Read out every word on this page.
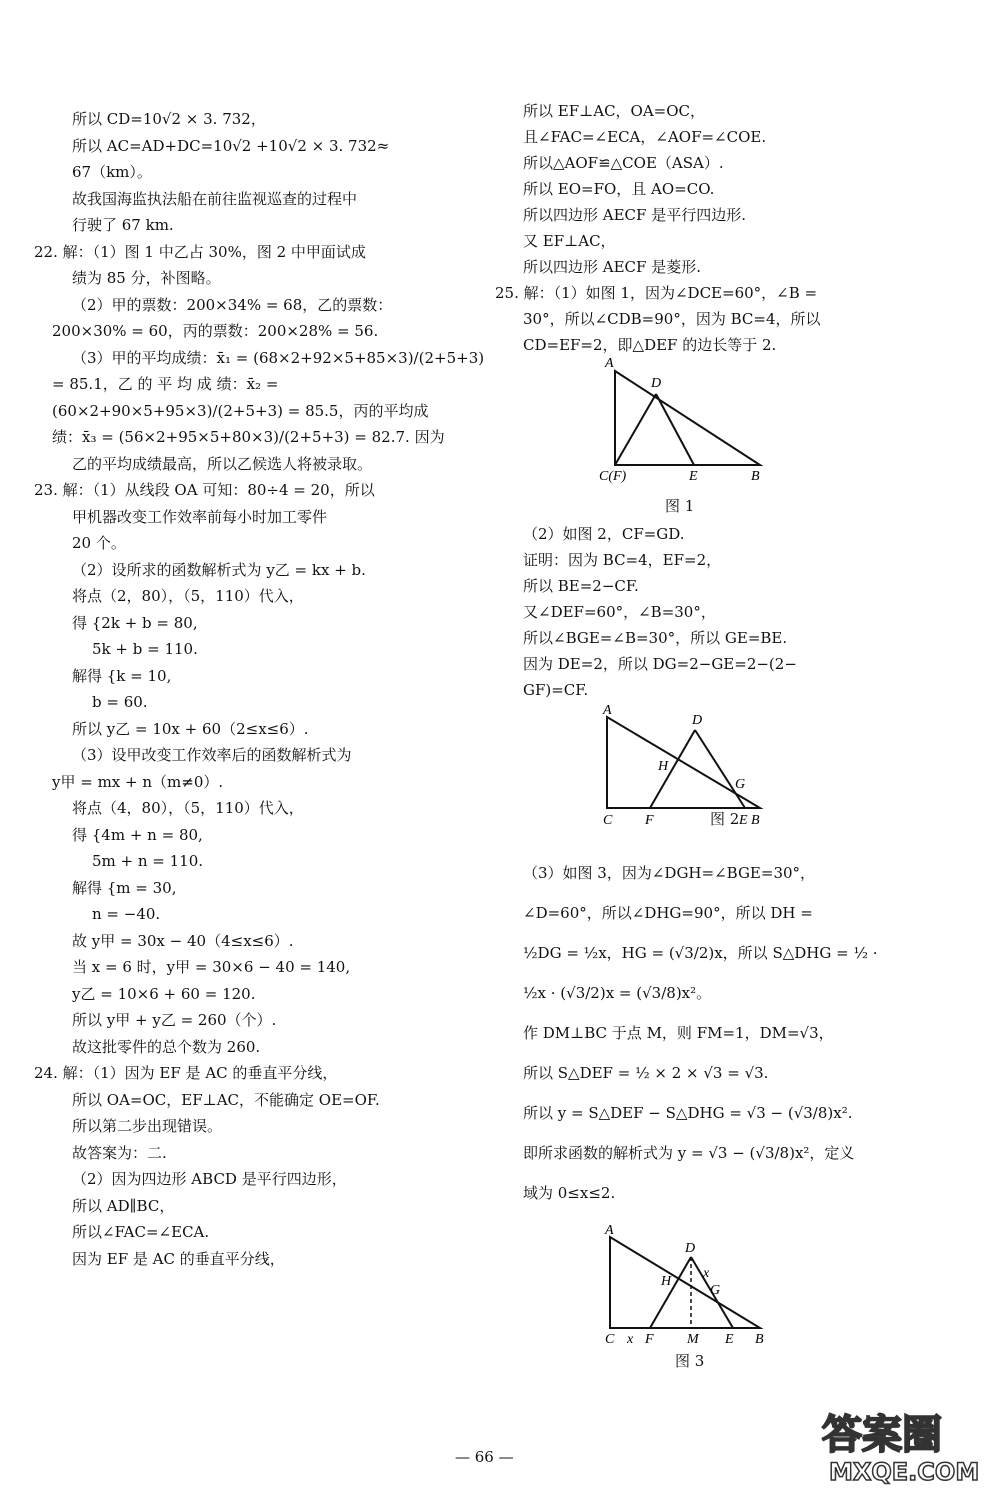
所以 CD=10√2 × 3. 732，
所以 AC=AD+DC=10√2 +10√2 × 3. 732≈
67（km）。
故我国海监执法船在前往监视巡查的过程中
行驶了 67 km.
22. 解：（1）图 1 中乙占 30%，图 2 中甲面试成
绩为 85 分，补图略。
（2）甲的票数：200×34% = 68，乙的票数：
200×30% = 60，丙的票数：200×28% = 56.
（3）甲的平均成绩：x̄₁ = (68×2+92×5+85×3)/(2+5+3)
= 85.1，乙 的 平 均 成 绩：x̄₂ =
(60×2+90×5+95×3)/(2+5+3) = 85.5，丙的平均成
绩：x̄₃ = (56×2+95×5+80×3)/(2+5+3) = 82.7. 因为
乙的平均成绩最高，所以乙候选人将被录取。
23. 解：（1）从线段 OA 可知：80÷4 = 20，所以
甲机器改变工作效率前每小时加工零件
20 个。
（2）设所求的函数解析式为 y乙 = kx + b.
将点（2，80），（5，110）代入，
得 {2k + b = 80,
5k + b = 110.
解得 {k = 10,
b = 60.
所以 y乙 = 10x + 60（2≤x≤6）.
（3）设甲改变工作效率后的函数解析式为
y甲 = mx + n（m≠0）.
将点（4，80），（5，110）代入，
得 {4m + n = 80,
5m + n = 110.
解得 {m = 30,
n = −40.
故 y甲 = 30x − 40（4≤x≤6）.
当 x = 6 时，y甲 = 30×6 − 40 = 140,
y乙 = 10×6 + 60 = 120.
所以 y甲 + y乙 = 260（个）.
故这批零件的总个数为 260.
24. 解：（1）因为 EF 是 AC 的垂直平分线，
所以 OA=OC，EF⊥AC，不能确定 OE=OF.
所以第二步出现错误。
故答案为：二.
（2）因为四边形 ABCD 是平行四边形，
所以 AD∥BC，
所以∠FAC=∠ECA.
因为 EF 是 AC 的垂直平分线，
所以 EF⊥AC，OA=OC，
且∠FAC=∠ECA，∠AOF=∠COE.
所以△AOF≌△COE（ASA）.
所以 EO=FO，且 AO=CO.
所以四边形 AECF 是平行四边形.
又 EF⊥AC，
所以四边形 AECF 是菱形.
25. 解：（1）如图 1，因为∠DCE=60°，∠B =
30°，所以∠CDB=90°，因为 BC=4，所以
CD=EF=2，即△DEF 的边长等于 2.
A
D
C(F)	E	B
图 1
（2）如图 2，CF=GD.
证明：因为 BC=4，EF=2，
所以 BE=2−CF.
又∠DEF=60°，∠B=30°，
所以∠BGE=∠B=30°，所以 GE=BE.
因为 DE=2，所以 DG=2−GE=2−(2−
GF)=CF.
A
D
H
G
C F	E B
图 2
（3）如图 3，因为∠DGH=∠BGE=30°，
∠D=60°，所以∠DHG=90°，所以 DH =
½DG = ½x，HG = (√3/2)x，所以 S△DHG = ½ ·
½x · (√3/2)x = (√3/8)x²。
作 DM⊥BC 于点 M，则 FM=1，DM=√3，
所以 S△DEF = ½ × 2 × √3 = √3.
所以 y = S△DEF − S△DHG = √3 − (√3/8)x².
即所求函数的解析式为 y = √3 − (√3/8)x²，定义
域为 0≤x≤2.
A
D
H
x
G
C x F M E B
图 3
— 66 —	答案圈
MXQE.COM
